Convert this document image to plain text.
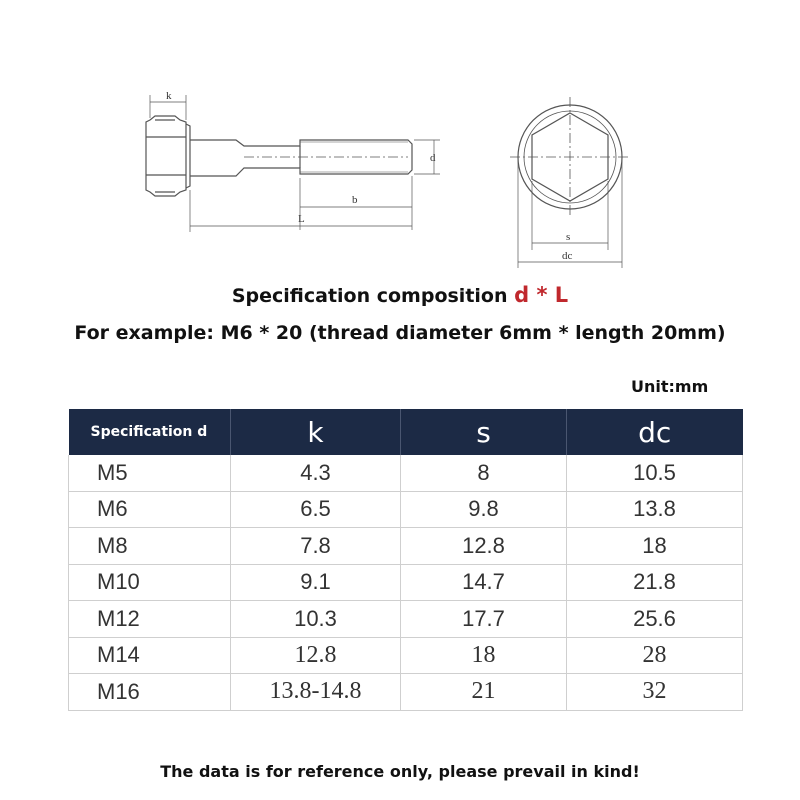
k
d
b
L
s
dc
Specification composition d * L
For example: M6 * 20 (thread diameter 6mm * length 20mm)
Unit:mm
Specification d	k	s	dc
M5	4.3	8	10.5
M6	6.5	9.8	13.8
M8	7.8	12.8	18
M10	9.1	14.7	21.8
M12	10.3	17.7	25.6
M14	12.8	18	28
M16	13.8-14.8	21	32
The data is for reference only, please prevail in kind!
